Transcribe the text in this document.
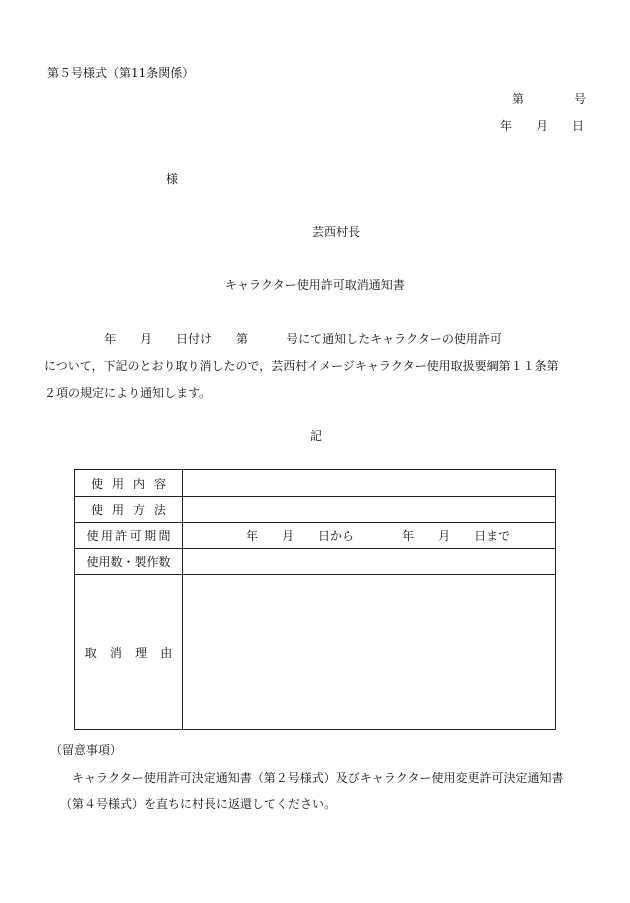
第５号様式（第11条関係）
第	号
年 月 日
様
芸西村長
キャラクター使用許可取消通知書
年 月 日付け 第	号にて通知したキャラクターの使用許可
について，下記のとおり取り消したので，芸西村イメージキャラクター使用取扱要綱第１１条第
２項の規定により通知します。
記
使用内容
使用方法
使用許可期間	年 月 日から	年 月 日まで
使用数・製作数
取消理由
（留意事項）
キャラクター使用許可決定通知書（第２号様式）及びキャラクター使用変更許可決定通知書
（第４号様式）を直ちに村長に返還してください。
